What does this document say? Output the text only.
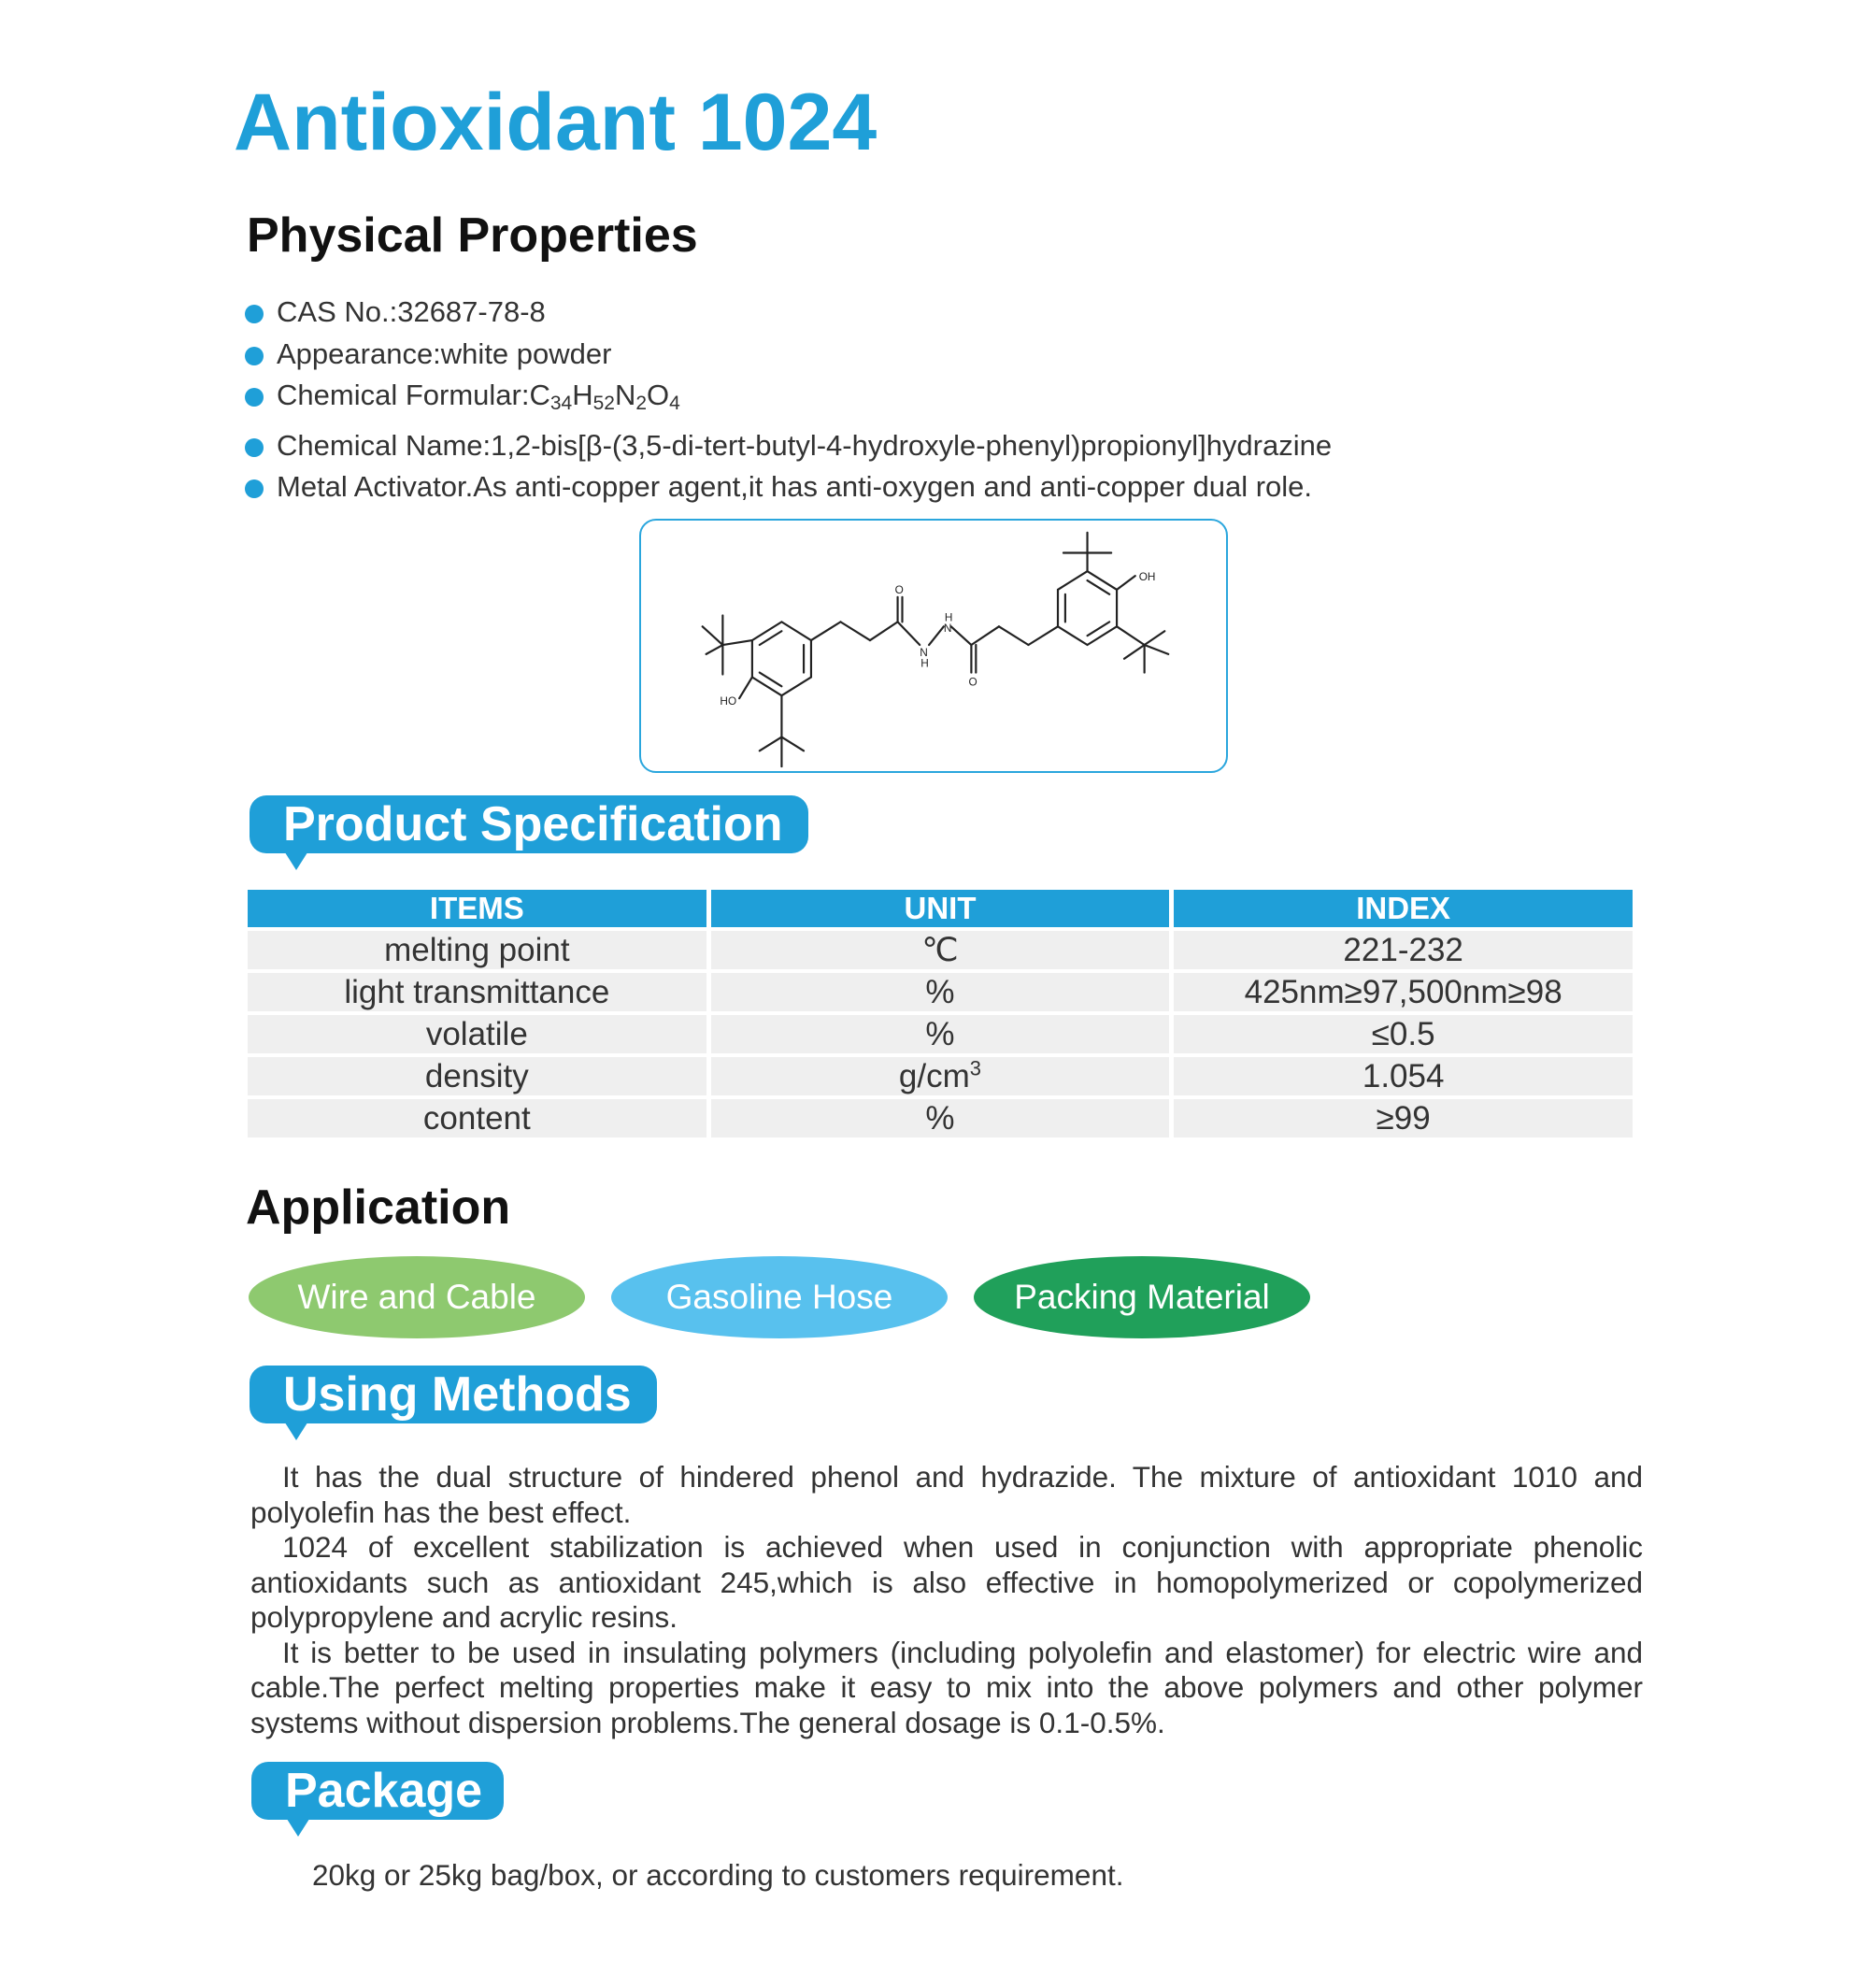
Antioxidant 1024
Physical Properties
CAS No.:32687-78-8
Appearance:white powder
Chemical $Formular:C_{34}H_{52}N_2O_4$
Chemical Name:1,2-bis[β-(3,5-di-tert-butyl-4-hydroxyle-phenyl)propionyl]hydrazine
Metal Activator.As anti-copper agent,it has anti-oxygen and anti-copper dual role.
OH
HO
O
O
N
N
H
H
Product Specification
ITEMS	UNIT	INDEX
melting point	℃	221-232
light transmittance	%	425nm≥97,500nm≥98
volatile	%	≤0.5
density	$g/cm^3$	1.054
content	%	≥99
Application
Wire and Cable	Gasoline Hose	Packing Material
Using Methods

It has the dual structure of hindered phenol and hydrazide. The mixture of antioxidant 1010 and polyolefin has the best effect.

1024 of excellent stabilization is achieved when used in conjunction with appropriate phenolic antioxidants such as antioxidant 245,which is also effective in homopolymerized or copolymerized polypropylene and acrylic resins.

It is better to be used in insulating polymers (including polyolefin and elastomer) for electric wire and cable.The perfect melting properties make it easy to mix into the above polymers and other polymer systems without dispersion problems.The general dosage is 0.1-0.5%.

Package

20kg or 25kg bag/box, or according to customers requirement.
